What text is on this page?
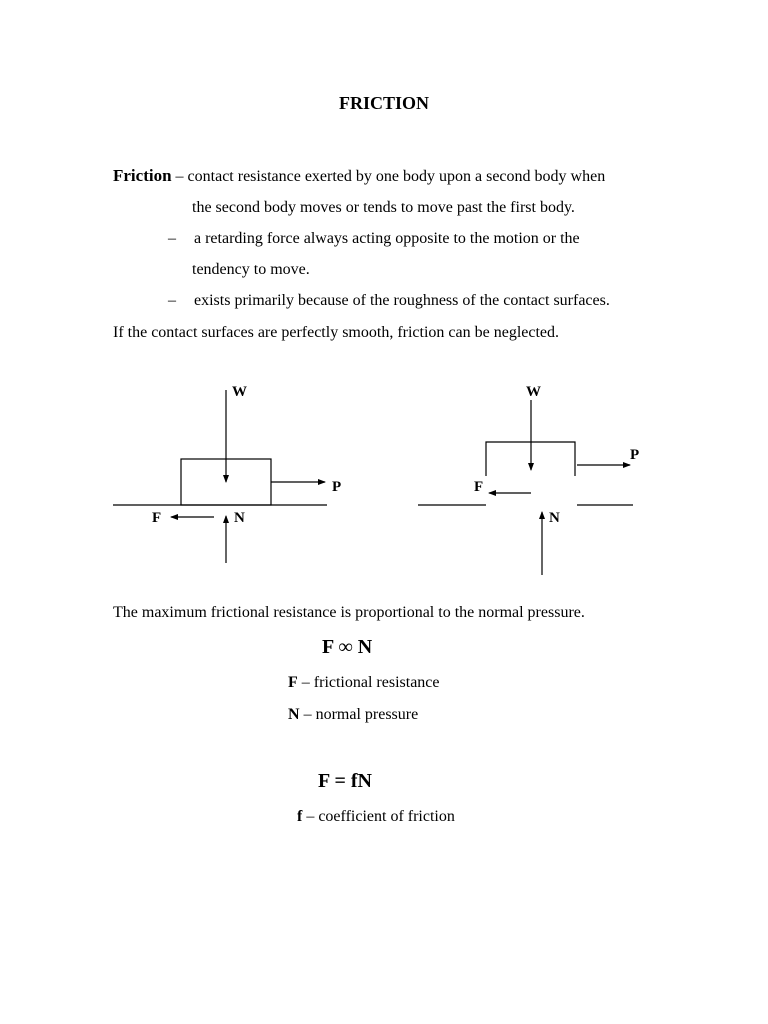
FRICTION
Friction – contact resistance exerted by one body upon a second body when
the second body moves or tends to move past the first body.
– a retarding force always acting opposite to the motion or the
tendency to move.
– exists primarily because of the roughness of the contact surfaces.
If the contact surfaces are perfectly smooth, friction can be neglected.
W
P
F	N
W
P
F
N
The maximum frictional resistance is proportional to the normal pressure.
F ∞ N
F – frictional resistance
N – normal pressure
F = fN
f – coefficient of friction
